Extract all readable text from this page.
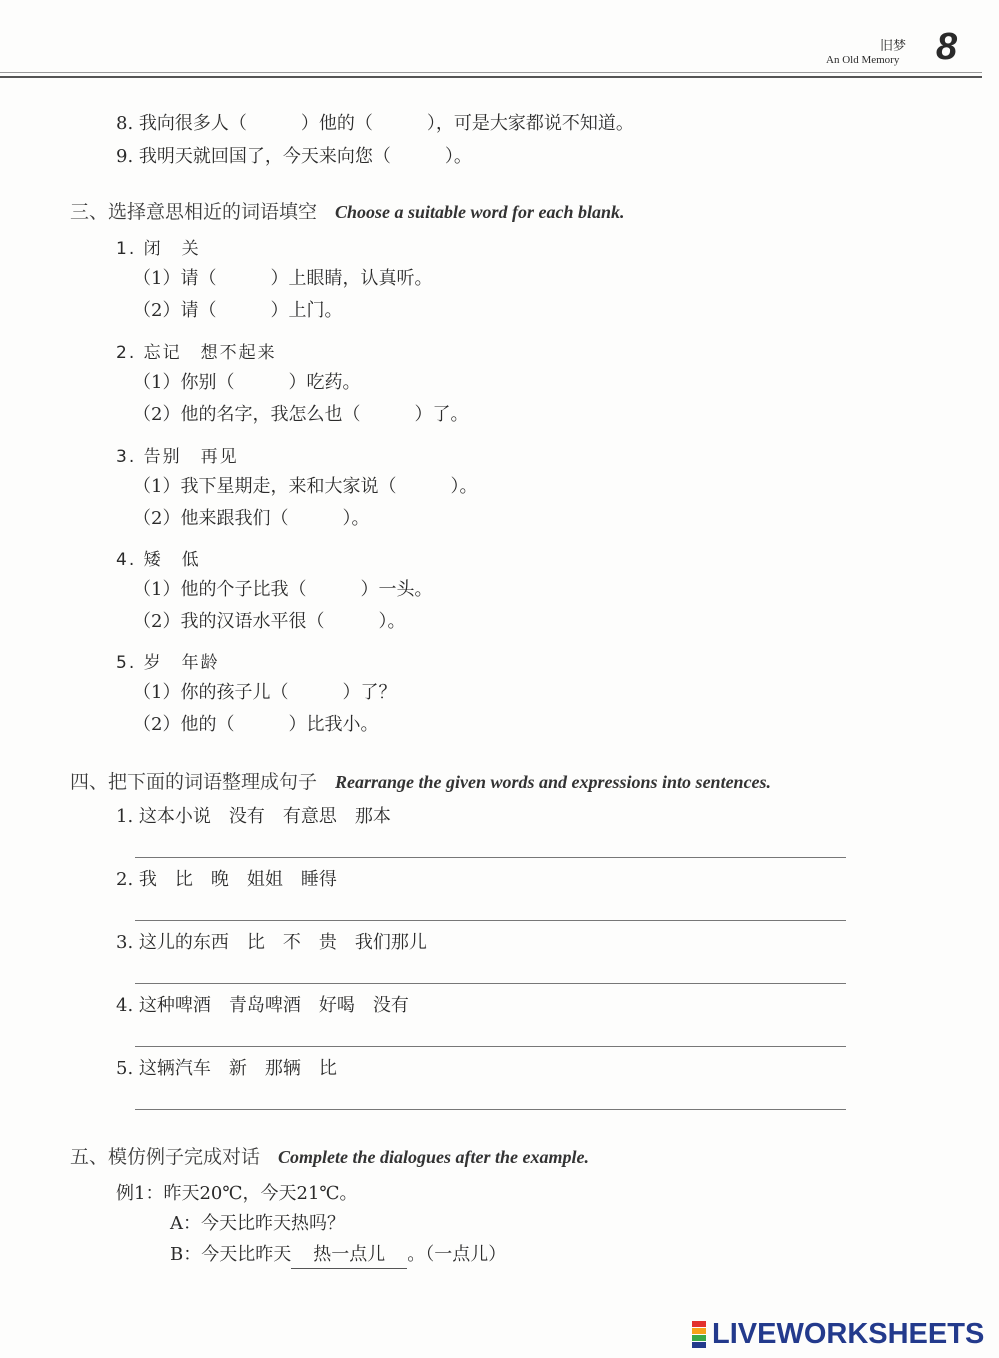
旧梦
An Old Memory 8
8. 我向很多人（　　　）他的（　　　），可是大家都说不知道。
9. 我明天就回国了，今天来向您（　　　）。
三、选择意思相近的词语填空 Choose a suitable word for each blank.
1. 闭　关
（1）请（　　　）上眼睛，认真听。
（2）请（　　　）上门。
2. 忘记　想不起来
（1）你别（　　　）吃药。
（2）他的名字，我怎么也（　　　）了。
3. 告别　再见
（1）我下星期走，来和大家说（　　　）。
（2）他来跟我们（　　　）。
4. 矮　低
（1）他的个子比我（　　　）一头。
（2）我的汉语水平很（　　　）。
5. 岁　年龄
（1）你的孩子儿（　　　）了？
（2）他的（　　　）比我小。
四、把下面的词语整理成句子 Rearrange the given words and expressions into sentences.
1. 这本小说　没有　有意思　那本
2. 我　比　晚　姐姐　睡得
3. 这儿的东西　比　不　贵　我们那儿
4. 这种啤酒　青岛啤酒　好喝　没有
5. 这辆汽车　新　那辆　比
五、模仿例子完成对话 Complete the dialogues after the example.
例1：昨天20℃，今天21℃。
A：今天比昨天热吗？
B：今天比昨天 热一点儿 。（一点儿）
LIVEWORKSHEETS
